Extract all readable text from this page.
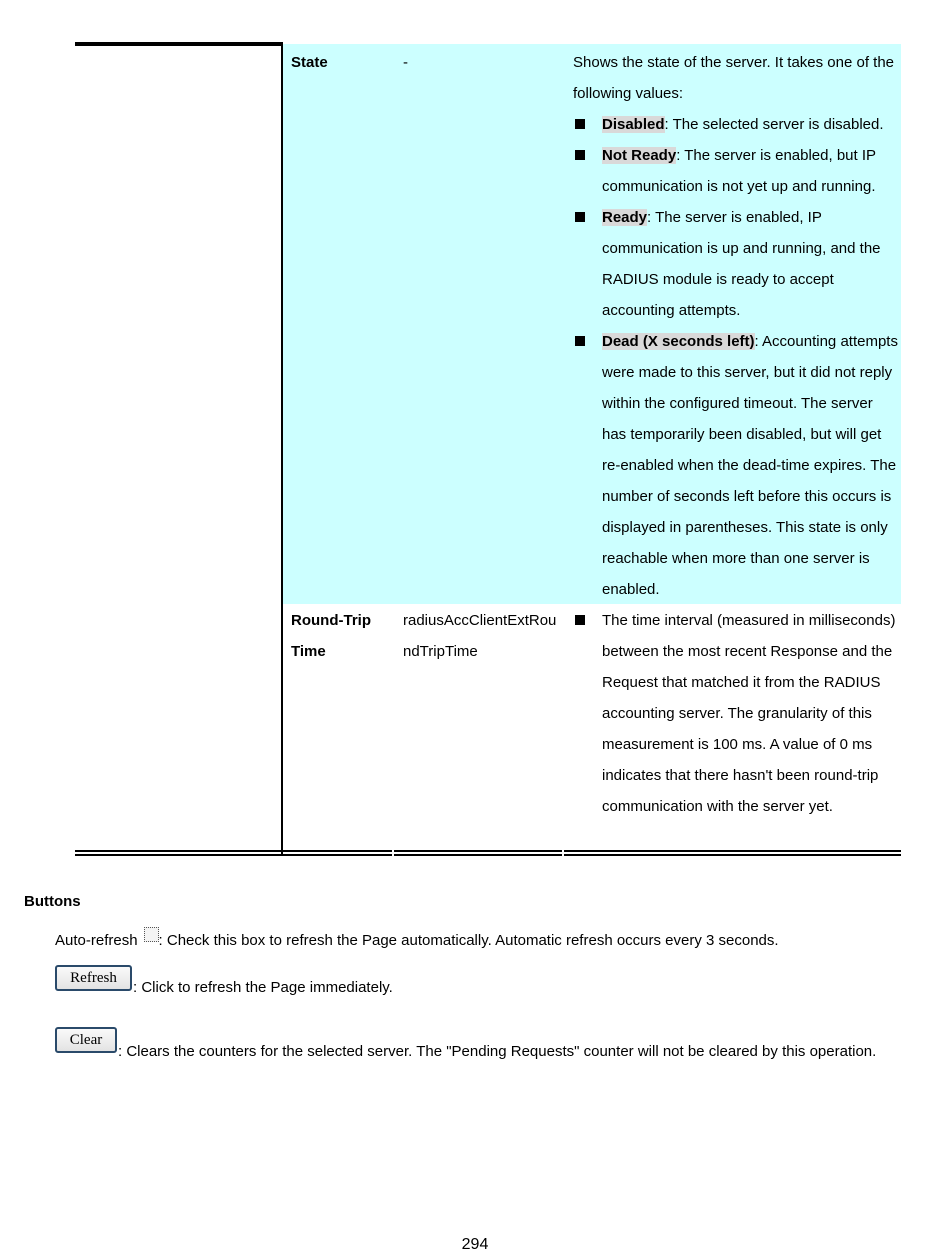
State	-	Shows the state of the server. It takes one of the following values:
Disabled: The selected server is disabled.
Not Ready: The server is enabled, but IP communication is not yet up and running.
Ready: The server is enabled, IP communication is up and running, and the RADIUS module is ready to accept accounting attempts.
Dead (X seconds left): Accounting attempts were made to this server, but it did not reply within the configured timeout. The server has temporarily been disabled, but will get re-enabled when the dead-time expires. The number of seconds left before this occurs is displayed in parentheses. This state is only reachable when more than one server is enabled.
Round-Trip Time
radiusAccClientExtRoundTripTime
The time interval (measured in milliseconds) between the most recent Response and the Request that matched it from the RADIUS accounting server. The granularity of this measurement is 100 ms. A value of 0 ms indicates that there hasn't been round-trip communication with the server yet.
Buttons
Auto-refresh : Check this box to refresh the Page automatically. Automatic refresh occurs every 3 seconds.
Refresh
: Click to refresh the Page immediately.
Clear
: Clears the counters for the selected server. The "Pending Requests" counter will not be cleared by this operation.
294
